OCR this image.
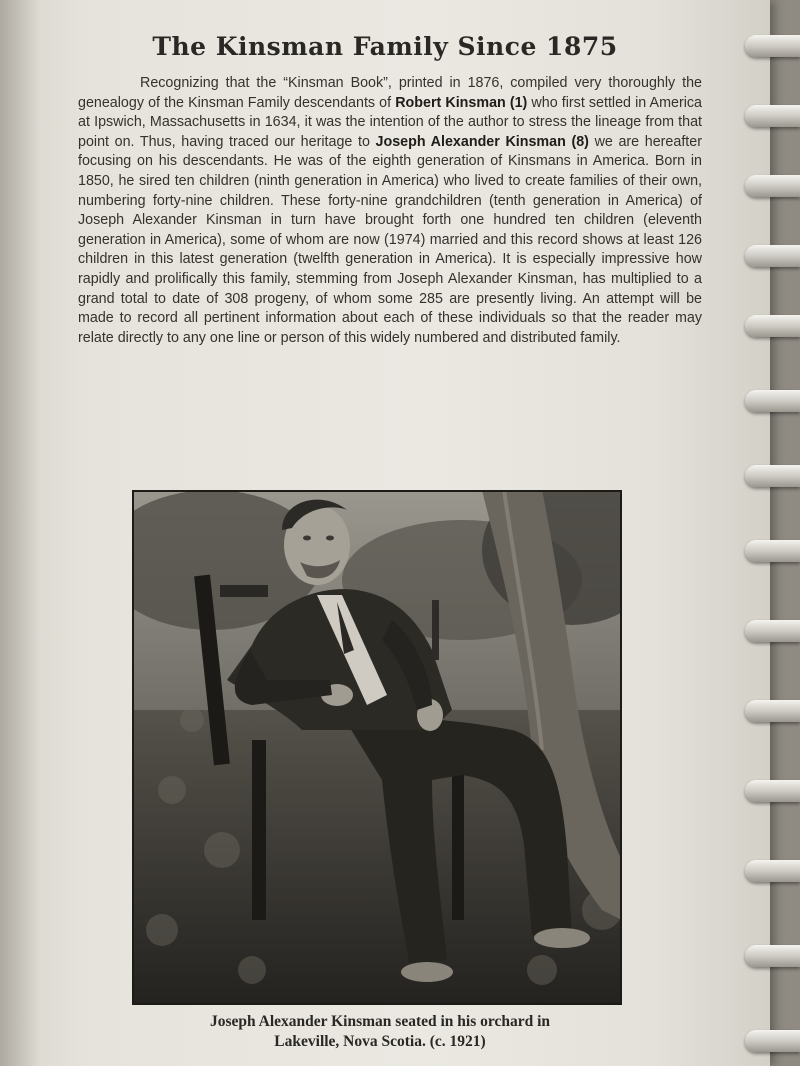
The Kinsman Family Since 1875
Recognizing that the “Kinsman Book”, printed in 1876, compiled very thoroughly the genealogy of the Kinsman Family descendants of Robert Kinsman (1) who first settled in America at Ipswich, Massachusetts in 1634, it was the intention of the author to stress the lineage from that point on. Thus, having traced our heritage to Joseph Alexander Kinsman (8) we are hereafter focusing on his descendants. He was of the eighth generation of Kinsmans in America. Born in 1850, he sired ten children (ninth generation in America) who lived to create families of their own, numbering forty-nine children. These forty-nine grandchildren (tenth generation in America) of Joseph Alexander Kinsman in turn have brought forth one hundred ten children (eleventh generation in America), some of whom are now (1974) married and this record shows at least 126 children in this latest generation (twelfth generation in America). It is especially impressive how rapidly and prolifically this family, stemming from Joseph Alexander Kinsman, has multiplied to a grand total to date of 308 progeny, of whom some 285 are presently living. An attempt will be made to record all pertinent information about each of these individuals so that the reader may relate directly to any one line or person of this widely numbered and distributed family.
Joseph Alexander Kinsman seated in his orchard in
Lakeville, Nova Scotia. (c. 1921)
